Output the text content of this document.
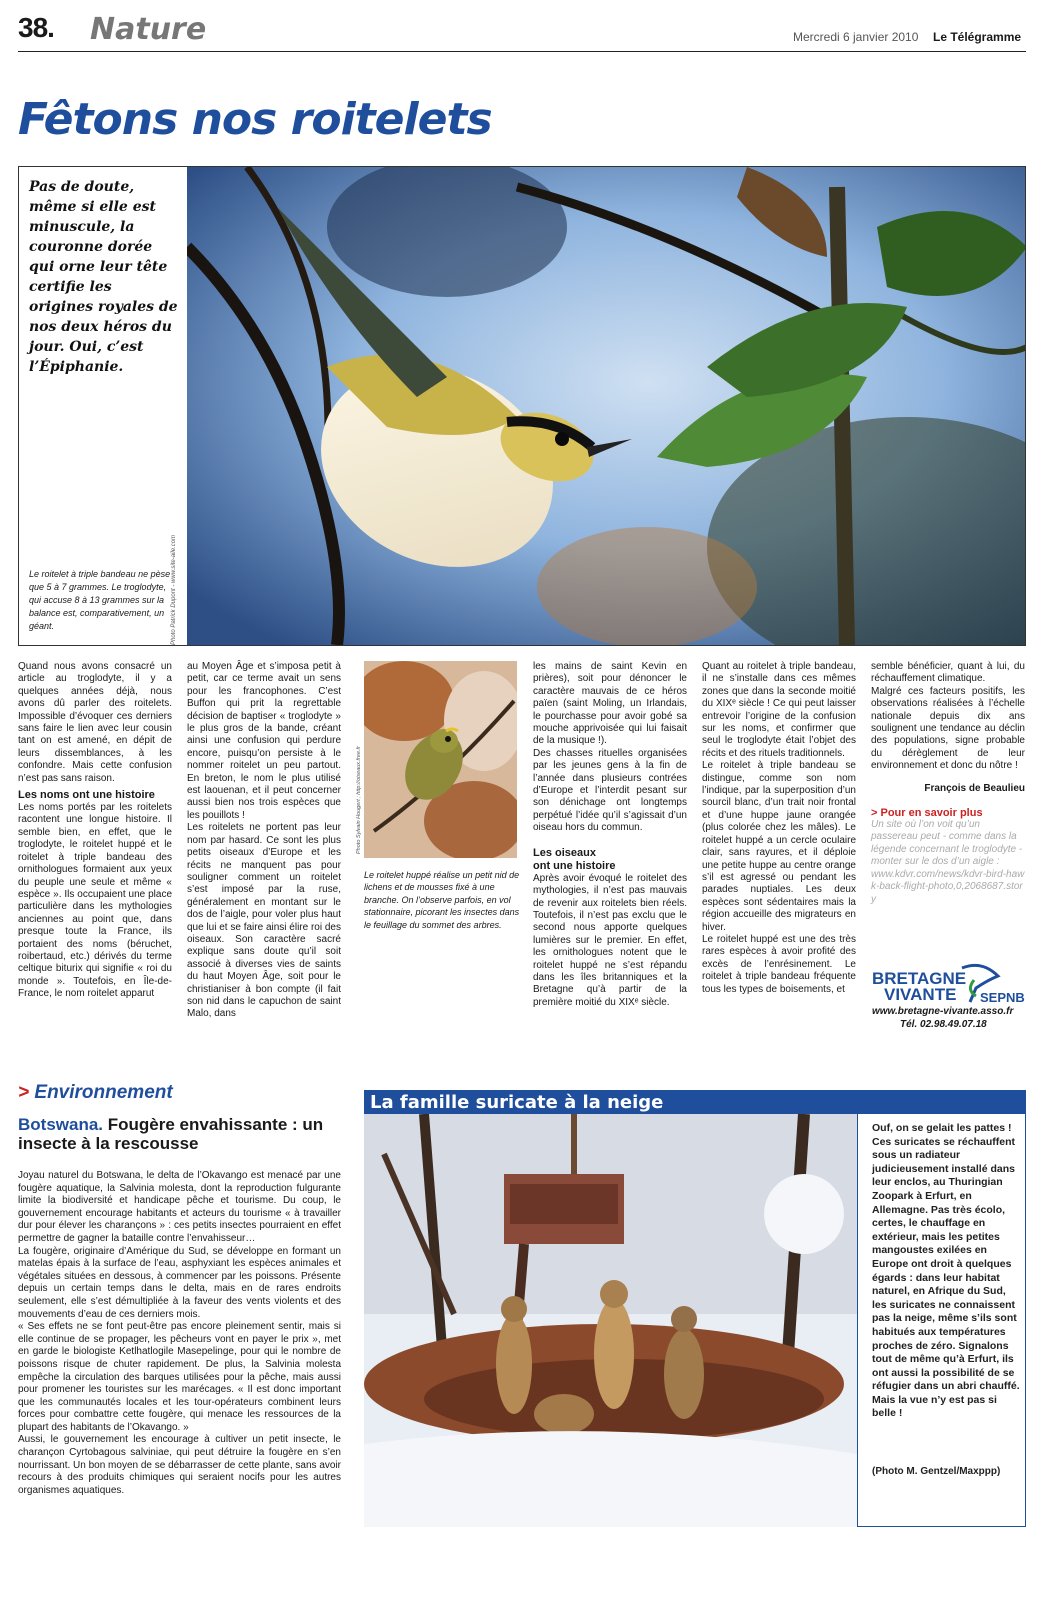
38. Nature	Mercredi 6 janvier 2010 Le Télégramme
Fêtons nos roitelets
Pas de doute, même si elle est minuscule, la couronne dorée qui orne leur tête certifie les origines royales de nos deux héros du jour. Oui, c’est l’Épiphanie.
Le roitelet à triple bandeau ne pèse que 5 à 7 grammes. Le troglodyte, qui accuse 8 à 13 grammes sur la balance est, comparativement, un géant.	Photo Patrick Dupont - www.site-aile.com

Quand nous avons consacré un article au troglodyte, il y a quelques années déjà, nous avons dû parler des roitelets. Impossible d’évoquer ces derniers sans faire le lien avec leur cousin tant on est amené, en dépit de leurs dissemblances, à les confondre. Mais cette confusion n’est pas sans raison.

Les noms ont une histoire

Les noms portés par les roitelets racontent une longue histoire. Il semble bien, en effet, que le troglodyte, le roitelet huppé et le roitelet à triple bandeau des ornithologues formaient aux yeux du peuple une seule et même « espèce ». Ils occupaient une place particulière dans les mythologies anciennes au point que, dans presque toute la France, ils portaient des noms (béruchet, roibertaud, etc.) dérivés du terme celtique biturix qui signifie « roi du monde ». Toutefois, en Île-de-France, le nom roitelet apparut

au Moyen Âge et s’imposa petit à petit, car ce terme avait un sens pour les francophones. C’est Buffon qui prit la regrettable décision de baptiser « troglodyte » le plus gros de la bande, créant ainsi une confusion qui perdure encore, puisqu’on persiste à le nommer roitelet un peu partout. En breton, le nom le plus utilisé est laouenan, et il peut concerner aussi bien nos trois espèces que les pouillots !

Les roitelets ne portent pas leur nom par hasard. Ce sont les plus petits oiseaux d’Europe et les récits ne manquent pas pour souligner comment un roitelet s’est imposé par la ruse, généralement en montant sur le dos de l’aigle, pour voler plus haut que lui et se faire ainsi élire roi des oiseaux. Son caractère sacré explique sans doute qu’il soit associé à diverses vies de saints du haut Moyen Âge, soit pour le christianiser à bon compte (il fait son nid dans le capuchon de saint Malo, dans

Photo Sylvain Hougert ; http://oiseaux.free.fr
Le roitelet huppé réalise un petit nid de lichens et de mousses fixé à une branche. On l’observe parfois, en vol stationnaire, picorant les insectes dans le feuillage du sommet des arbres.

les mains de saint Kevin en prières), soit pour dénoncer le caractère mauvais de ce héros païen (saint Moling, un Irlandais, le pourchasse pour avoir gobé sa mouche apprivoisée qui lui faisait de la musique !).

Des chasses rituelles organisées par les jeunes gens à la fin de l’année dans plusieurs contrées d’Europe et l’interdit pesant sur son dénichage ont longtemps perpétué l’idée qu’il s’agissait d’un oiseau hors du commun.

Les oiseaux
ont une histoire

Après avoir évoqué le roitelet des mythologies, il n’est pas mauvais de revenir aux roitelets bien réels. Toutefois, il n’est pas exclu que le second nous apporte quelques lumières sur le premier. En effet, les ornithologues notent que le roitelet huppé ne s’est répandu dans les îles britanniques et la Bretagne qu’à partir de la première moitié du XIXᵉ siècle.

Quant au roitelet à triple bandeau, il ne s’installe dans ces mêmes zones que dans la seconde moitié du XIXᵉ siècle ! Ce qui peut laisser entrevoir l’origine de la confusion sur les noms, et confirmer que seul le troglodyte était l’objet des récits et des rituels traditionnels.

Le roitelet à triple bandeau se distingue, comme son nom l’indique, par la superposition d’un sourcil blanc, d’un trait noir frontal et d’une huppe jaune orangée (plus colorée chez les mâles). Le roitelet huppé a un cercle oculaire clair, sans rayures, et il déploie une petite huppe au centre orange s’il est agressé ou pendant les parades nuptiales. Les deux espèces sont sédentaires mais la région accueille des migrateurs en hiver.

Le roitelet huppé est une des très rares espèces à avoir profité des excès de l’enrésinement. Le roitelet à triple bandeau fréquente tous les types de boisements, et

semble bénéficier, quant à lui, du réchauffement climatique.

Malgré ces facteurs positifs, les observations réalisées à l’échelle nationale depuis dix ans soulignent une tendance au déclin des populations, signe probable du dérèglement de leur environnement et donc du nôtre !

François de Beaulieu

> Pour en savoir plus

Un site où l’on voit qu’un passereau peut - comme dans la légende concernant le troglodyte - monter sur le dos d’un aigle :

www.kdvr.com/news/kdvr-bird-hawk-back-flight-photo,0,2068687.story

BRETAGNE
VIVANTE SEPNB
www.bretagne-vivante.asso.fr
Tél. 02.98.49.07.18
> Environnement
Botswana. Fougère envahissante : un insecte à la rescousse

Joyau naturel du Botswana, le delta de l’Okavango est menacé par une fougère aquatique, la Salvinia molesta, dont la reproduction fulgurante limite la biodiversité et handicape pêche et tourisme. Du coup, le gouvernement encourage habitants et acteurs du tourisme « à travailler dur pour élever les charançons » : ces petits insectes pourraient en effet permettre de gagner la bataille contre l’envahisseur…

La fougère, originaire d’Amérique du Sud, se développe en formant un matelas épais à la surface de l’eau, asphyxiant les espèces animales et végétales situées en dessous, à commencer par les poissons. Présente depuis un certain temps dans le delta, mais en de rares endroits seulement, elle s’est démultipliée à la faveur des vents violents et des mouvements d’eau de ces derniers mois.

« Ses effets ne se font peut-être pas encore pleinement sentir, mais si elle continue de se propager, les pêcheurs vont en payer le prix », met en garde le biologiste Ketlhatlogile Masepelinge, pour qui le nombre de poissons risque de chuter rapidement. De plus, la Salvinia molesta empêche la circulation des barques utilisées pour la pêche, mais aussi pour promener les touristes sur les marécages. « Il est donc important que les communautés locales et les tour-opérateurs combinent leurs forces pour combattre cette fougère, qui menace les ressources de la plupart des habitants de l’Okavango. »

Aussi, le gouvernement les encourage à cultiver un petit insecte, le charançon Cyrtobagous salviniae, qui peut détruire la fougère en s’en nourrissant. Un bon moyen de se débarrasser de cette plante, sans avoir recours à des produits chimiques qui seraient nocifs pour les autres organismes aquatiques.

La famille suricate à la neige
Ouf, on se gelait les pattes ! Ces suricates se réchauffent sous un radiateur judicieusement installé dans leur enclos, au Thuringian Zoopark à Erfurt, en Allemagne. Pas très écolo, certes, le chauffage en extérieur, mais les petites mangoustes exilées en Europe ont droit à quelques égards : dans leur habitat naturel, en Afrique du Sud, les suricates ne connaissent pas la neige, même s’ils sont habitués aux températures proches de zéro. Signalons tout de même qu’à Erfurt, ils ont aussi la possibilité de se réfugier dans un abri chauffé. Mais la vue n’y est pas si belle !
(Photo M. Gentzel/Maxppp)
